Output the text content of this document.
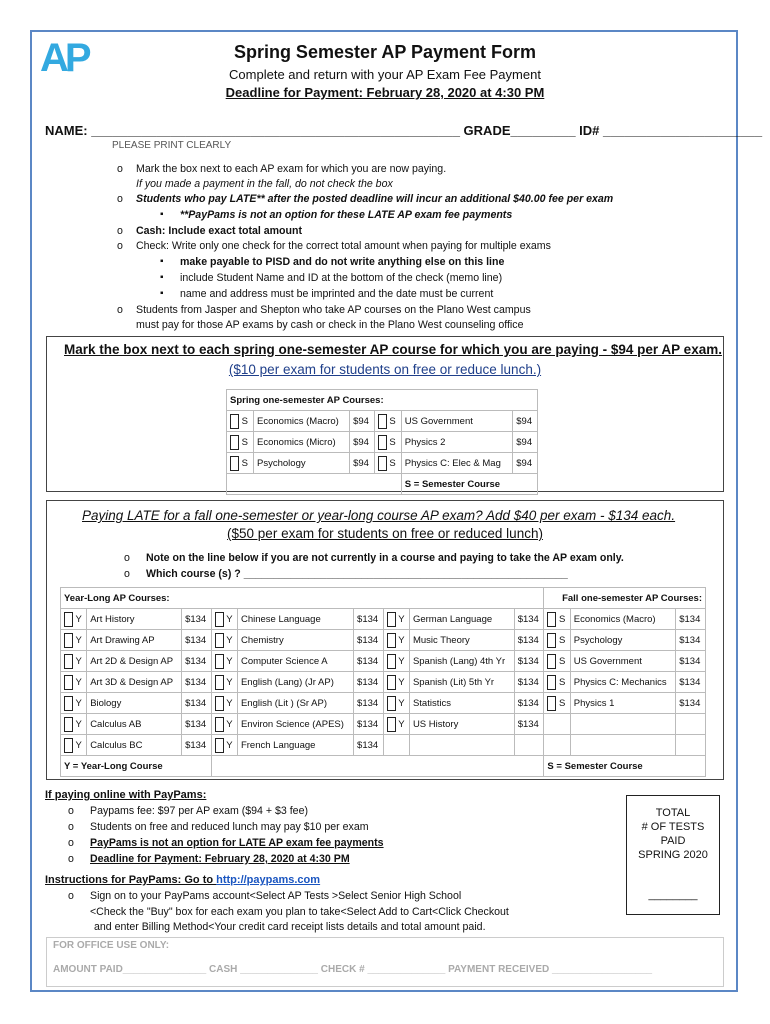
AP	Spring Semester AP Payment Form
Complete and return with your AP Exam Fee Payment
Deadline for Payment: February 28, 2020 at 4:30 PM
NAME: ___________________________________________________ GRADE_________ ID# ______________________
PLEASE PRINT CLEARLY
o Mark the box next to each AP exam for which you are now paying.
If you made a payment in the fall, do not check the box
o Students who pay LATE** after the posted deadline will incur an additional $40.00 fee per exam
▪ **PayPams is not an option for these LATE AP exam fee payments
o Cash: Include exact total amount
o Check: Write only one check for the correct total amount when paying for multiple exams
▪ make payable to PISD and do not write anything else on this line
▪ include Student Name and ID at the bottom of the check (memo line)
▪ name and address must be imprinted and the date must be current
o Students from Jasper and Shepton who take AP courses on the Plano West campus
must pay for those AP exams by cash or check in the Plano West counseling office
Mark the box next to each spring one-semester AP course for which you are paying - $94 per AP exam.
($10 per exam for students on free or reduce lunch.)
Spring one-semester AP Courses:					
S	Economics (Macro)	$94	S	US Government	$94
S	Economics (Micro)	$94	S	Physics 2	$94
S	Psychology	$94	S	Physics C: Elec & Mag	$94
				S = Semester Course	
Paying LATE for a fall one-semester or year-long course AP exam? Add $40 per exam - $134 each.
($50 per exam for students on free or reduced lunch)
o Note on the line below if you are not currently in a course and paying to take the AP exam only.
o Which course (s) ? _______________________________________________________
Year-Long AP Courses:									Fall one-semester AP Courses:		
Y	Art History	$134	Y	Chinese Language	$134	Y	German Language	$134	S	Economics (Macro)	$134
Y	Art Drawing AP	$134	Y	Chemistry	$134	Y	Music Theory	$134	S	Psychology	$134
Y	Art 2D & Design AP	$134	Y	Computer Science A	$134	Y	Spanish (Lang) 4th Yr	$134	S	US Government	$134
Y	Art 3D & Design AP	$134	Y	English (Lang) (Jr AP)	$134	Y	Spanish (Lit) 5th Yr	$134	S	Physics C: Mechanics	$134
Y	Biology	$134	Y	English (Lit ) (Sr AP)	$134	Y	Statistics	$134	S	Physics 1	$134
Y	Calculus AB	$134	Y	Environ Science (APES)	$134	Y	US History	$134			
Y	Calculus BC	$134	Y	French Language	$134						
Y = Year-Long Course									S = Semester Course		
If paying online with PayPams:
o Paypams fee: $97 per AP exam ($94 + $3 fee)
o Students on free and reduced lunch may pay $10 per exam
o PayPams is not an option for LATE AP exam fee payments
o Deadline for Payment: February 28, 2020 at 4:30 PM
Instructions for PayPams: Go to http://paypams.com
o Sign on to your PayPams account<Select AP Tests >Select Senior High School
<Check the "Buy" box for each exam you plan to take<Select Add to Cart<Click Checkout
and enter Billing Method<Your credit card receipt lists details and total amount paid.
TOTAL
# OF TESTS
PAID
SPRING 2020
________
FOR OFFICE USE ONLY:
AMOUNT PAID_______________ CASH ______________ CHECK # ______________ PAYMENT RECEIVED __________________
